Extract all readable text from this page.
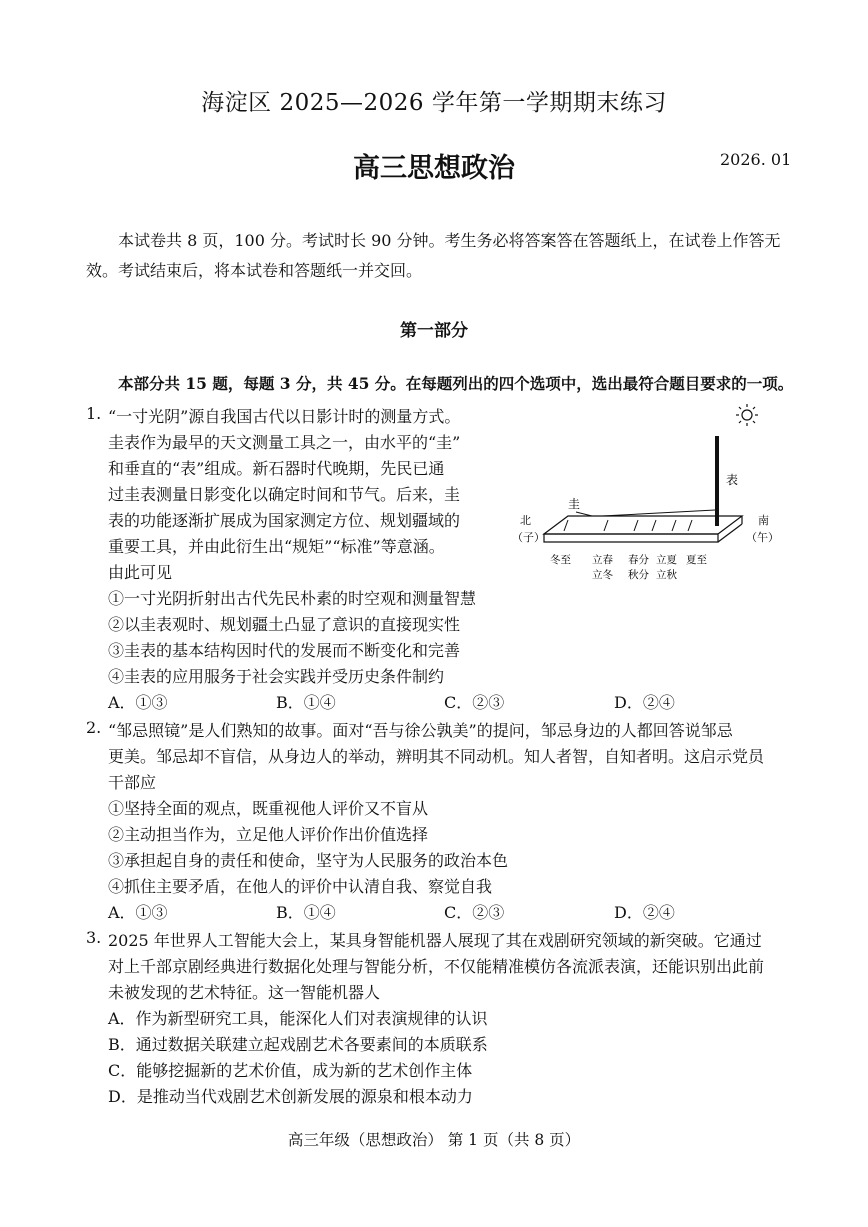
海淀区 2025—2026 学年第一学期期末练习
高三思想政治	2026. 01
本试卷共 8 页，100 分。考试时长 90 分钟。考生务必将答案答在答题纸上，在试卷上作答无效。考试结束后，将本试卷和答题纸一并交回。
第一部分
本部分共 15 题，每题 3 分，共 45 分。在每题列出的四个选项中，选出最符合题目要求的一项。
1. “一寸光阴”源自我国古代以日影计时的测量方式。
圭表作为最早的天文测量工具之一，由水平的“圭”
和垂直的“表”组成。新石器时代晚期，先民已通
过圭表测量日影变化以确定时间和节气。后来，圭
表的功能逐渐扩展成为国家测定方位、规划疆域的
重要工具，并由此衍生出“规矩”“标准”等意涵。
由此可见
①一寸光阴折射出古代先民朴素的时空观和测量智慧
②以圭表观时、规划疆土凸显了意识的直接现实性
③圭表的基本结构因时代的发展而不断变化和完善
④圭表的应用服务于社会实践并受历史条件制约
A．①③	B．①④	C．②③	D．②④
表
圭
北
（子）
南
（午）
冬至 立春 春分 立夏 夏至
立冬 秋分 立秋
2. “邹忌照镜”是人们熟知的故事。面对“吾与徐公孰美”的提问，邹忌身边的人都回答说邹忌
更美。邹忌却不盲信，从身边人的举动，辨明其不同动机。知人者智，自知者明。这启示党员
干部应
①坚持全面的观点，既重视他人评价又不盲从
②主动担当作为，立足他人评价作出价值选择
③承担起自身的责任和使命，坚守为人民服务的政治本色
④抓住主要矛盾，在他人的评价中认清自我、察觉自我
A．①③	B．①④	C．②③	D．②④
3. 2025 年世界人工智能大会上，某具身智能机器人展现了其在戏剧研究领域的新突破。它通过
对上千部京剧经典进行数据化处理与智能分析，不仅能精准模仿各流派表演，还能识别出此前
未被发现的艺术特征。这一智能机器人
A．作为新型研究工具，能深化人们对表演规律的认识
B．通过数据关联建立起戏剧艺术各要素间的本质联系
C．能够挖掘新的艺术价值，成为新的艺术创作主体
D．是推动当代戏剧艺术创新发展的源泉和根本动力
高三年级（思想政治） 第 1 页（共 8 页）
